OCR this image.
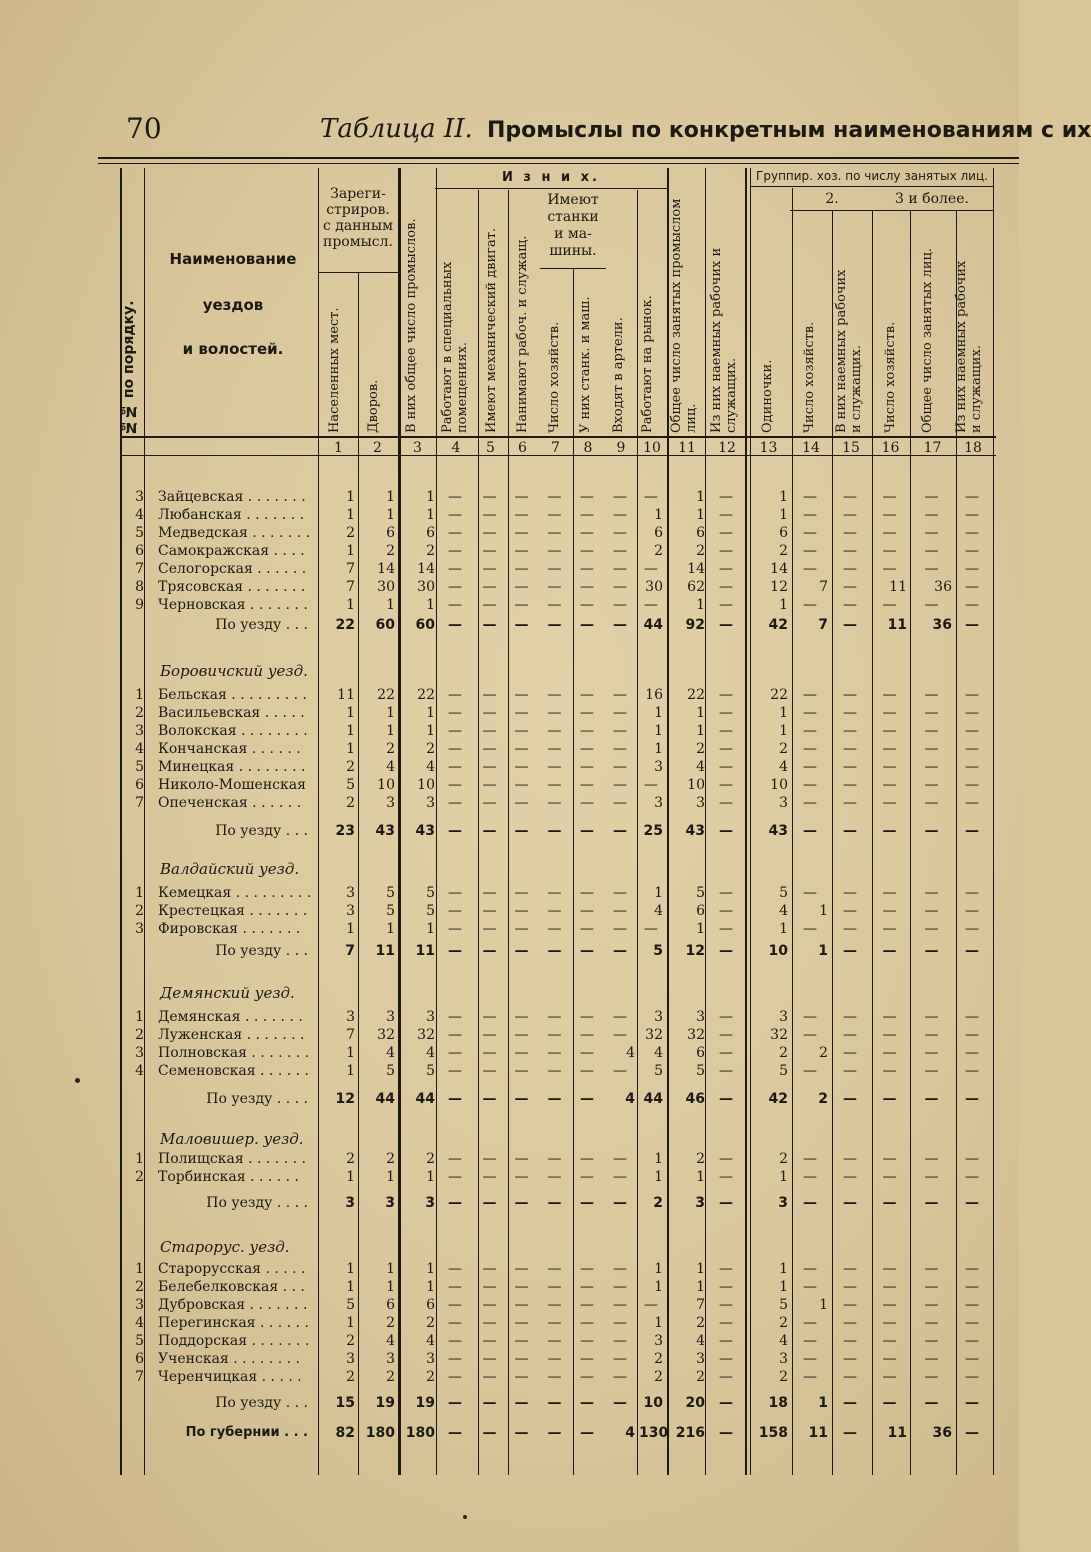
70	Таблица II. Промыслы по конкретным наименованиям с их
№№ по порядку.
Наименование
уездов
и волостей.
Зареги-
стриров.
с данным
промысл.
Населенных мест. Дворов. В них общее число промыслов.
И з н и х.
Работают в специальных
помещениях.	Имеют механический двигат. Нанимают рабоч. и служащ.
Имеют
станки
и ма-
шины.
Число хозяйств. У них станк. и маш. Входят в артели. Работают на рынок. Общее число занятых промыслом
лиц. Из них наемных рабочих и
служащих.
Группир. хоз. по числу занятых лиц.
2.	3 и более.
Одиночки. Число хозяйств. В них наемных рабочих
и служащих.	Число хозяйств. Общее число занятых лиц. Из них наемных рабочих
и служащих.
1	2	3	4	5	6	7	8	9	10	11	12	13	14	15	16	17	18
3 Зайцевская . . . . . . .	1	1	1 —	—	—	—	—	—	—	1	—	1	—	—	—	—	—
4 Любанская . . . . . . .	1	1	1 —	—	—	—	—	—	1	1	—	1	—	—	—	—	—
5 Медведская . . . . . . .	2	6	6 —	—	—	—	—	—	6	6	—	6	—	—	—	—	—
6 Самокражская . . . .	1	2	2 —	—	—	—	—	—	2	2	—	2	—	—	—	—	—
7 Селогорская . . . . . .	7	14	14 —	—	—	—	—	—	—	14	—	14	—	—	—	—	—
8 Трясовская . . . . . . .	7	30	30 —	—	—	—	—	—	30	62	—	12	7	—	11	36 —
9 Черновская . . . . . . .	1	1	1 —	—	—	—	—	—	—	1	—	1	—	—	—	—	—
По уезду . . .	22	60	60 —	—	—	—	—	—	44	92	—	42	7	—	11	36 —
Боровичский уезд.
1 Бельская . . . . . . . . .	11	22	22 —	—	—	—	—	—	16	22	—	22	—	—	—	—	—
2 Васильевская . . . . .	1	1	1 —	—	—	—	—	—	1	1	—	1	—	—	—	—	—
3 Волокская . . . . . . . .	1	1	1 —	—	—	—	—	—	1	1	—	1	—	—	—	—	—
4 Кончанская . . . . . .	1	2	2 —	—	—	—	—	—	1	2	—	2	—	—	—	—	—
5 Минецкая . . . . . . . .	2	4	4 —	—	—	—	—	—	3	4	—	4	—	—	—	—	—
6 Николо-Мошенская	5	10	10 —	—	—	—	—	—	—	10	—	10	—	—	—	—	—
7 Опеченская . . . . . .	2	3	3 —	—	—	—	—	—	3	3	—	3	—	—	—	—	—
По уезду . . .	23	43	43 —	—	—	—	—	—	25	43	—	43	—	—	—	—	—
Валдайский уезд.
1 Кемецкая . . . . . . . . .	3	5	5 —	—	—	—	—	—	1	5	—	5	—	—	—	—	—
2 Крестецкая . . . . . . .	3	5	5 —	—	—	—	—	—	4	6	—	4	1	—	—	—	—
3 Фировская . . . . . . .	1	1	1 —	—	—	—	—	—	—	1	—	1	—	—	—	—	—
По уезду . . .	7	11	11 —	—	—	—	—	—	5	12	—	10	1	—	—	—	—
Демянский уезд.
1 Демянская . . . . . . .	3	3	3 —	—	—	—	—	—	3	3	—	3	—	—	—	—	—
2 Луженская . . . . . . .	7	32	32 —	—	—	—	—	—	32	32	—	32	—	—	—	—	—
3 Полновская . . . . . . .	1	4	4 —	—	—	—	—	4	4	6	—	2	2	—	—	—	—
4 Семеновская . . . . . .	1	5	5 —	—	—	—	—	—	5	5	—	5	—	—	—	—	—
По уезду . . . .	12	44	44 —	—	—	—	—	4 44	46	—	42	2	—	—	—	—
Маловишер. уезд.
1 Полищская . . . . . . .	2	2	2 —	—	—	—	—	—	1	2	—	2	—	—	—	—	—
2 Торбинская . . . . . .	1	1	1 —	—	—	—	—	—	1	1	—	1	—	—	—	—	—
По уезду . . . .	3	3	3 —	—	—	—	—	—	2	3	—	3	—	—	—	—	—
Старорус. уезд.
1 Старорусская . . . . .	1	1	1 —	—	—	—	—	—	1	1	—	1	—	—	—	—	—
2 Белебелковская . . .	1	1	1 —	—	—	—	—	—	1	1	—	1	—	—	—	—	—
3 Дубровская . . . . . . .	5	6	6 —	—	—	—	—	—	—	7	—	5	1	—	—	—	—
4 Перегинская . . . . . .	1	2	2 —	—	—	—	—	—	1	2	—	2	—	—	—	—	—
5 Поддорская . . . . . . .	2	4	4 —	—	—	—	—	—	3	4	—	4	—	—	—	—	—
6 Ученская . . . . . . . .	3	3	3 —	—	—	—	—	—	2	3	—	3	—	—	—	—	—
7 Черенчицкая . . . . .	2	2	2 —	—	—	—	—	—	2	2	—	2	—	—	—	—	—
По уезду . . .	15	19	19 —	—	—	—	—	—	10	20	—	18	1	—	—	—	—
По губернии . . .	82 180 180 —	—	—	—	—	4 130 216	—	158	11	—	11	36 —
